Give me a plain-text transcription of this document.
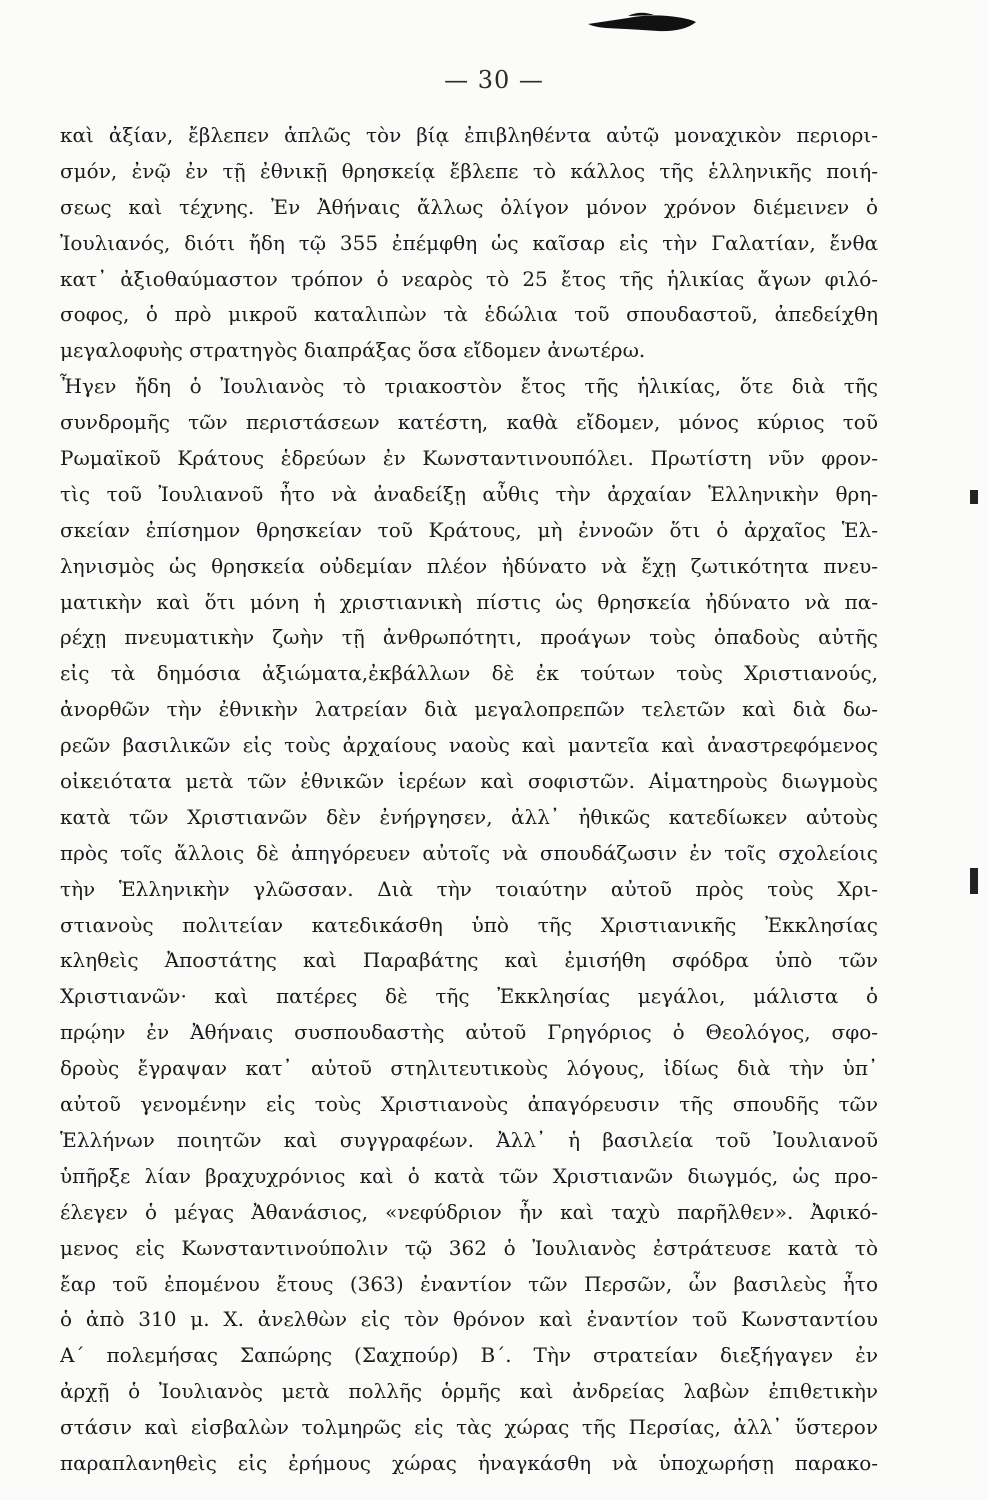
— 30 —
καὶ ἀξίαν, ἔβλεπεν ἁπλῶς τὸν βίᾳ ἐπιβληθέντα αὐτῷ μοναχικὸν περιορι-
σμόν, ἐνῷ ἐν τῇ ἐθνικῇ θρησκείᾳ ἔβλεπε τὸ κάλλος τῆς ἑλληνικῆς ποιή-
σεως καὶ τέχνης. Ἐν Ἀθήναις ἄλλως ὀλίγον μόνον χρόνον διέμεινεν ὁ
Ἰουλιανός, διότι ἤδη τῷ 355 ἐπέμφθη ὡς καῖσαρ εἰς τὴν Γαλατίαν, ἔνθα
κατ᾽ ἀξιοθαύμαστον τρόπον ὁ νεαρὸς τὸ 25 ἔτος τῆς ἡλικίας ἄγων φιλό-
σοφος, ὁ πρὸ μικροῦ καταλιπὼν τὰ ἑδώλια τοῦ σπουδαστοῦ, ἀπεδείχθη
μεγαλοφυὴς στρατηγὸς διαπράξας ὅσα εἴδομεν ἀνωτέρω.
Ἦγεν ἤδη ὁ Ἰουλιανὸς τὸ τριακοστὸν ἔτος τῆς ἡλικίας, ὅτε διὰ τῆς
συνδρομῆς τῶν περιστάσεων κατέστη, καθὰ εἴδομεν, μόνος κύριος τοῦ
Ρωμαϊκοῦ Κράτους ἑδρεύων ἐν Κωνσταντινουπόλει. Πρωτίστη νῦν φρον-
τὶς τοῦ Ἰουλιανοῦ ἦτο νὰ ἀναδείξῃ αὖθις τὴν ἀρχαίαν Ἑλληνικὴν θρη-
σκείαν ἐπίσημον θρησκείαν τοῦ Κράτους, μὴ ἐννοῶν ὅτι ὁ ἀρχαῖος Ἑλ-
ληνισμὸς ὡς θρησκεία οὐδεμίαν πλέον ἠδύνατο νὰ ἔχῃ ζωτικότητα πνευ-
ματικὴν καὶ ὅτι μόνη ἡ χριστιανικὴ πίστις ὡς θρησκεία ἠδύνατο νὰ πα-
ρέχῃ πνευματικὴν ζωὴν τῇ ἀνθρωπότητι, προάγων τοὺς ὀπαδοὺς αὐτῆς
εἰς τὰ δημόσια ἀξιώματα,ἐκβάλλων δὲ ἐκ τούτων τοὺς Χριστιανούς,
ἀνορθῶν τὴν ἐθνικὴν λατρείαν διὰ μεγαλοπρεπῶν τελετῶν καὶ διὰ δω-
ρεῶν βασιλικῶν εἰς τοὺς ἀρχαίους ναοὺς καὶ μαντεῖα καὶ ἀναστρεφόμενος
οἰκειότατα μετὰ τῶν ἐθνικῶν ἱερέων καὶ σοφιστῶν. Αἱματηροὺς διωγμοὺς
κατὰ τῶν Χριστιανῶν δὲν ἐνήργησεν, ἀλλ᾽ ἠθικῶς κατεδίωκεν αὐτοὺς
πρὸς τοῖς ἄλλοις δὲ ἀπηγόρευεν αὐτοῖς νὰ σπουδάζωσιν ἐν τοῖς σχολείοις
τὴν Ἑλληνικὴν γλῶσσαν. Διὰ τὴν τοιαύτην αὐτοῦ πρὸς τοὺς Χρι-
στιανοὺς πολιτείαν κατεδικάσθη ὑπὸ τῆς Χριστιανικῆς Ἐκκλησίας
κληθεὶς Ἀποστάτης καὶ Παραβάτης καὶ ἐμισήθη σφόδρα ὑπὸ τῶν
Χριστιανῶν· καὶ πατέρες δὲ τῆς Ἐκκλησίας μεγάλοι, μάλιστα ὁ
πρῴην ἐν Ἀθήναις συσπουδαστὴς αὐτοῦ Γρηγόριος ὁ Θεολόγος, σφο-
δροὺς ἔγραψαν κατ᾽ αὐτοῦ στηλιτευτικοὺς λόγους, ἰδίως διὰ τὴν ὑπ᾽
αὐτοῦ γενομένην εἰς τοὺς Χριστιανοὺς ἀπαγόρευσιν τῆς σπουδῆς τῶν
Ἑλλήνων ποιητῶν καὶ συγγραφέων. Ἀλλ᾽ ἡ βασιλεία τοῦ Ἰουλιανοῦ
ὑπῆρξε λίαν βραχυχρόνιος καὶ ὁ κατὰ τῶν Χριστιανῶν διωγμός, ὡς προ-
έλεγεν ὁ μέγας Ἀθανάσιος, «νεφύδριον ἦν καὶ ταχὺ παρῆλθεν». Ἀφικό-
μενος εἰς Κωνσταντινούπολιν τῷ 362 ὁ Ἰουλιανὸς ἐστράτευσε κατὰ τὸ
ἔαρ τοῦ ἐπομένου ἔτους (363) ἐναντίον τῶν Περσῶν, ὧν βασιλεὺς ἦτο
ὁ ἀπὸ 310 μ. Χ. ἀνελθὼν εἰς τὸν θρόνον καὶ ἐναντίον τοῦ Κωνσταντίου
Α΄ πολεμήσας Σαπώρης (Σαχπούρ) Β΄. Τὴν στρατείαν διεξήγαγεν ἐν
ἀρχῇ ὁ Ἰουλιανὸς μετὰ πολλῆς ὁρμῆς καὶ ἀνδρείας λαβὼν ἐπιθετικὴν
στάσιν καὶ εἰσβαλὼν τολμηρῶς εἰς τὰς χώρας τῆς Περσίας, ἀλλ᾽ ὕστερον
παραπλανηθεὶς εἰς ἐρήμους χώρας ἠναγκάσθη νὰ ὑποχωρήσῃ παρακο-
